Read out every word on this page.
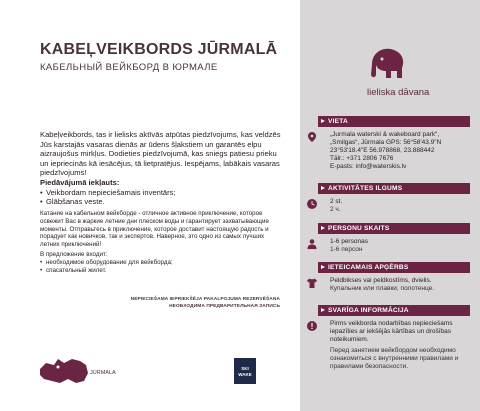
KABEĻVEIKBORDS JŪRMALĀ
КАБЕЛЬНЫЙ ВЕЙКБОРД В ЮРМАЛЕ

Kabeļveikbords, tas ir lielisks aktīvās atpūtas piedzīvojums, kas veldzēs Jūs karstajās vasaras dienās ar ūdens šļakstiem un garantēs elpu aizraujošus mirkļus. Dodieties piedzīvojumā, kas sniegs patiesu prieku un iepriecinās kā iesācējus, tā lietpratējus. Iespējams, labākais vasaras piedzīvojums!

Piedāvājumā iekļauts:

• Veikbordam nepieciešamais inventārs;
• Glābšanas veste.

Катание на кабельном вейкборде - отличное активное приключение, которое освежит Вас в жаркие летние дни плеском воды и гарантирует захватывающие моменты. Отправьтесь в приключение, которое доставит настоящую радость и порадует как новичков, так и экспертов. Наверное, это одно из самых лучших летних приключений!

В предложение входит:

• необходимое оборудование для вейкборда;
• спасательный жилет.
NEPIECIEŠAMA IEPRIEKŠĒJA PAKALPOJUMA REZERVĒŠANA
НЕОБХОДИМА ПРЕДВАРИТЕЛЬНАЯ ЗАПИСЬ
JŪRMALA
SKI
WAKE
lieliska dāvana
VIETA
„Jurmala waterski & wakeboard park“, „Smilgas“, Jūrmala GPS: 56°58'43.9"N 23°53'18.4"E 56.978868, 23.888442
Tālr.: +371 2806 7676
E-pasts: info@waterskis.lv
AKTIVITĀTES ILGUMS
2 st.
2 ч.
PERSONU SKAITS
1-6 personas
1-6 персон
IETEICAMAIS APĢĒRBS
Peldbikses vai peldkostīms, dvielis.
Купальник или плавки, полотенце.
SVARĪGA INFORMĀCIJA
Pirms veikborda nodarbības nepieciešams iepazīties ar iekšējās kārtības un drošības noteikumiem.
Перед занятием вейкбордом необходимо ознакомиться с внутренними правилами и правилами безопасности.
